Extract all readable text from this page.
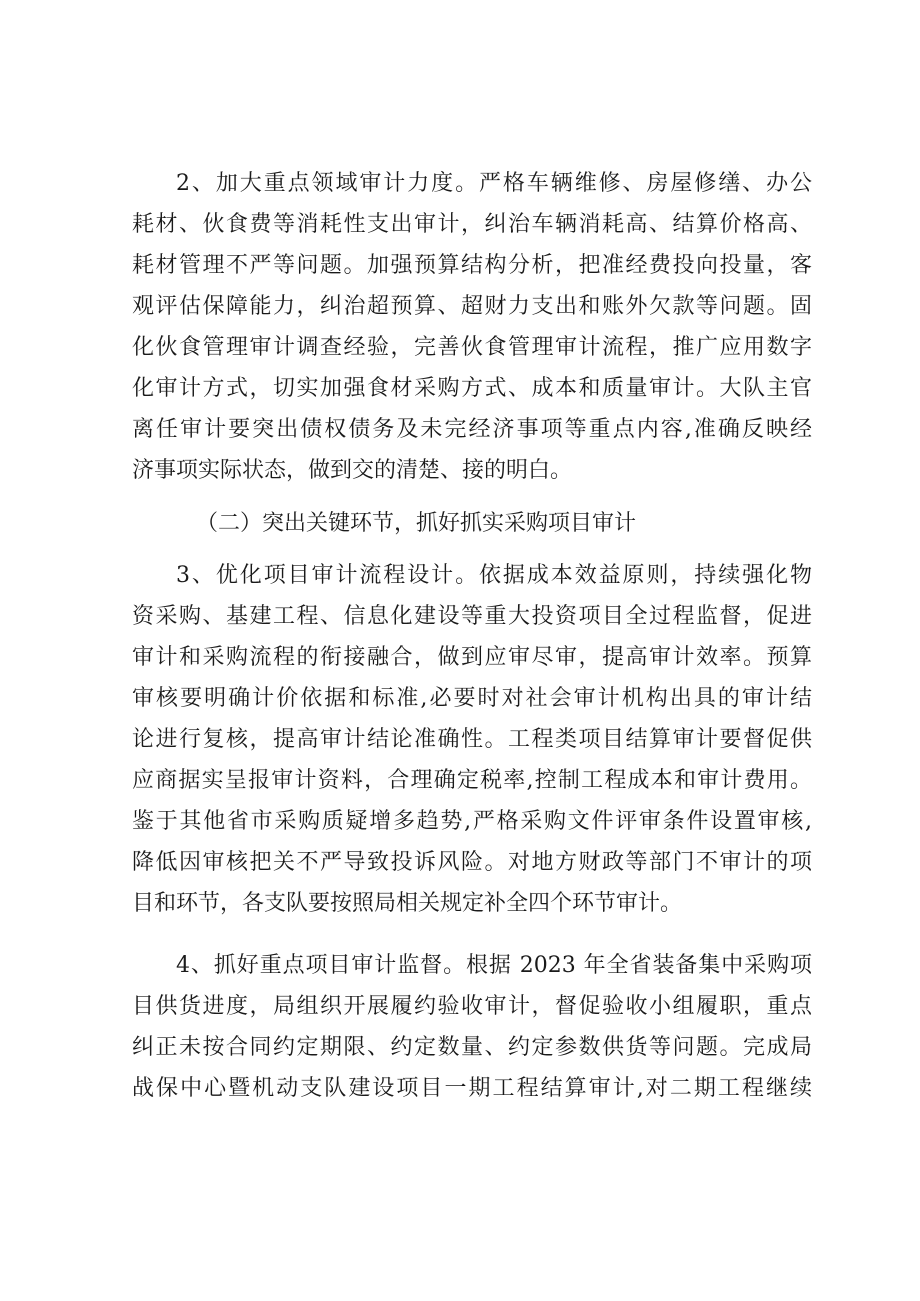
2、加大重点领域审计力度。严格车辆维修、房屋修缮、办公

耗材、伙食费等消耗性支出审计，纠治车辆消耗高、结算价格高、

耗材管理不严等问题。加强预算结构分析，把准经费投向投量，客

观评估保障能力，纠治超预算、超财力支出和账外欠款等问题。固

化伙食管理审计调查经验，完善伙食管理审计流程，推广应用数字

化审计方式，切实加强食材采购方式、成本和质量审计。大队主官

离任审计要突出债权债务及未完经济事项等重点内容,准确反映经

济事项实际状态，做到交的清楚、接的明白。

（二）突出关键环节，抓好抓实采购项目审计

3、优化项目审计流程设计。依据成本效益原则，持续强化物

资采购、基建工程、信息化建设等重大投资项目全过程监督，促进

审计和采购流程的衔接融合，做到应审尽审，提高审计效率。预算

审核要明确计价依据和标准,必要时对社会审计机构出具的审计结

论进行复核，提高审计结论准确性。工程类项目结算审计要督促供

应商据实呈报审计资料，合理确定税率,控制工程成本和审计费用。

鉴于其他省市采购质疑增多趋势,严格采购文件评审条件设置审核,

降低因审核把关不严导致投诉风险。对地方财政等部门不审计的项

目和环节，各支队要按照局相关规定补全四个环节审计。

4、抓好重点项目审计监督。根据 2023 年全省装备集中采购项

目供货进度，局组织开展履约验收审计，督促验收小组履职，重点

纠正未按合同约定期限、约定数量、约定参数供货等问题。完成局

战保中心暨机动支队建设项目一期工程结算审计,对二期工程继续
